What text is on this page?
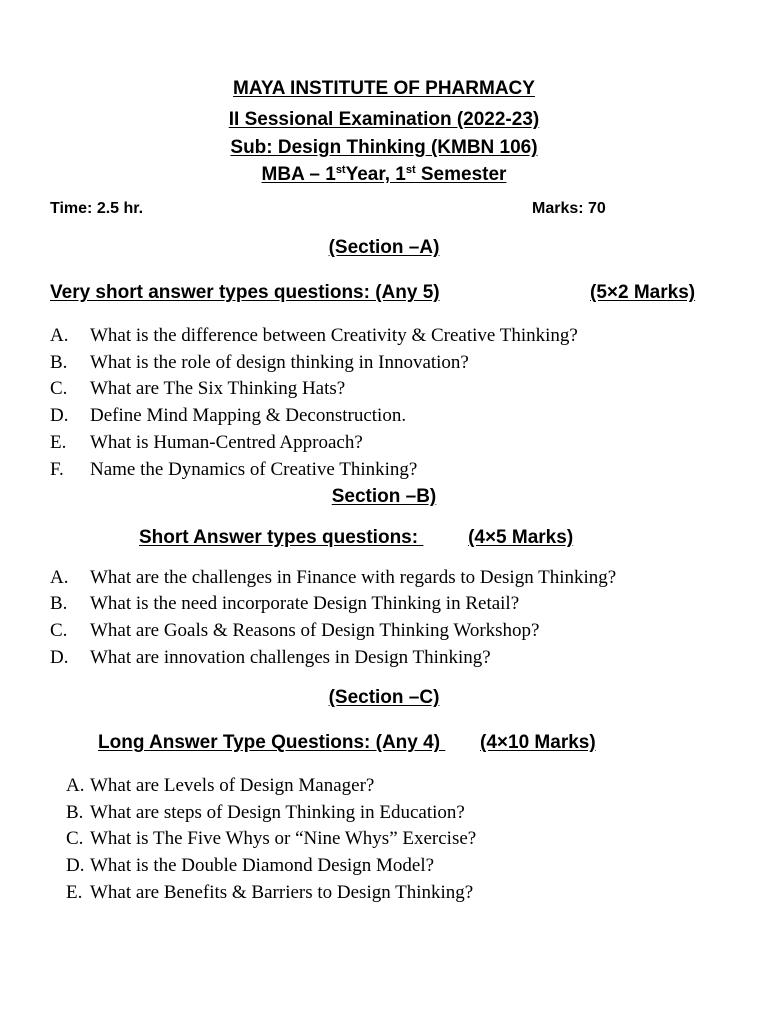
MAYA INSTITUTE OF PHARMACY
II Sessional Examination (2022-23)
Sub: Design Thinking (KMBN 106)
MBA – 1stYear, 1st Semester
Time: 2.5 hr.	Marks: 70
(Section –A)
Very short answer types questions: (Any 5)	(5×2 Marks)
A. What is the difference between Creativity & Creative Thinking?
B. What is the role of design thinking in Innovation?
C. What are The Six Thinking Hats?
D. Define Mind Mapping & Deconstruction.
E. What is Human-Centred Approach?
F. Name the Dynamics of Creative Thinking?
Section –B)
Short Answer types questions:	(4×5 Marks)
A. What are the challenges in Finance with regards to Design Thinking?
B. What is the need incorporate Design Thinking in Retail?
C. What are Goals & Reasons of Design Thinking Workshop?
D. What are innovation challenges in Design Thinking?
(Section –C)
Long Answer Type Questions: (Any 4) (4×10 Marks)
A. What are Levels of Design Manager?
B. What are steps of Design Thinking in Education?
C. What is The Five Whys or “Nine Whys” Exercise?
D. What is the Double Diamond Design Model?
E. What are Benefits & Barriers to Design Thinking?
